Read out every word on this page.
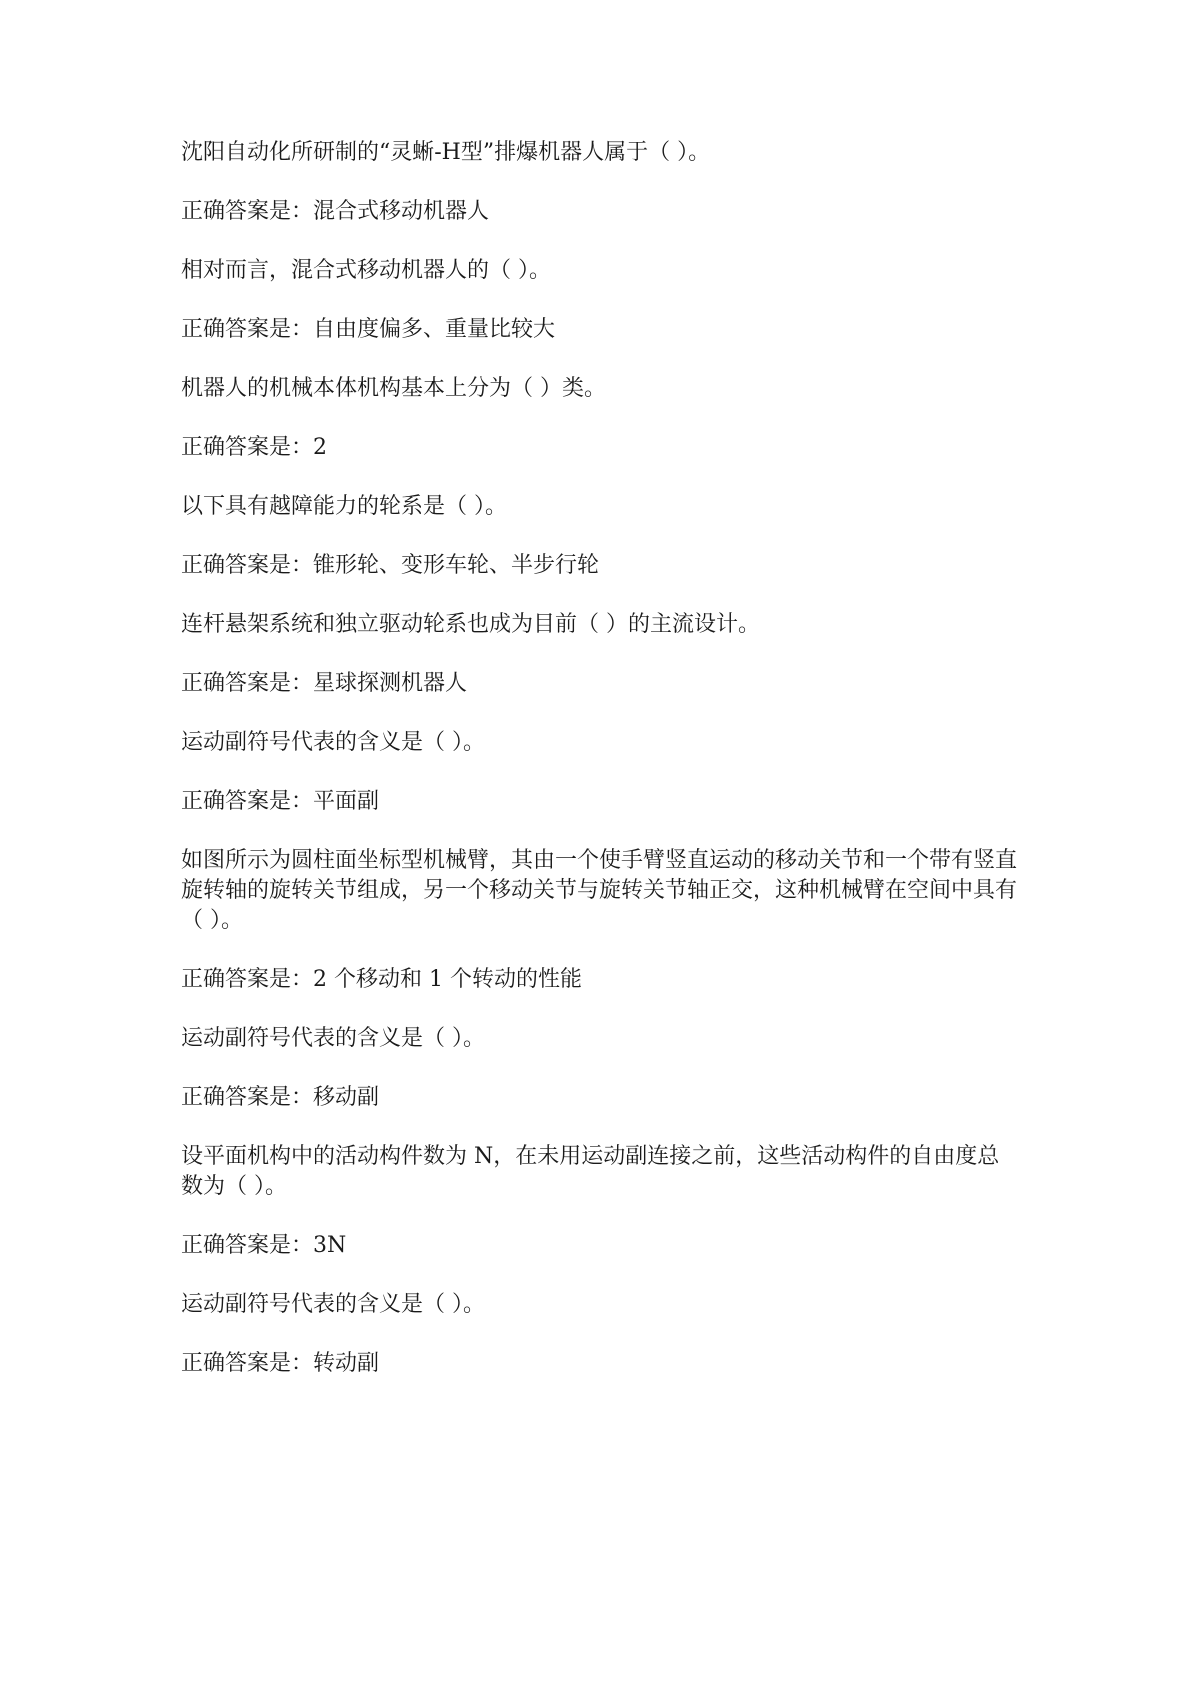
沈阳自动化所研制的“灵蜥-H型”排爆机器人属于（ ）。

正确答案是：混合式移动机器人

相对而言，混合式移动机器人的（ ）。

正确答案是：自由度偏多、重量比较大

机器人的机械本体机构基本上分为（ ）类。

正确答案是：2

以下具有越障能力的轮系是（ ）。

正确答案是：锥形轮、变形车轮、半步行轮

连杆悬架系统和独立驱动轮系也成为目前（ ）的主流设计。

正确答案是：星球探测机器人

运动副符号代表的含义是（ ）。

正确答案是：平面副

如图所示为圆柱面坐标型机械臂，其由一个使手臂竖直运动的移动关节和一个带有竖直旋转轴的旋转关节组成，另一个移动关节与旋转关节轴正交，这种机械臂在空间中具有（ ）。

正确答案是：2 个移动和 1 个转动的性能

运动副符号代表的含义是（ ）。

正确答案是：移动副

设平面机构中的活动构件数为 N，在未用运动副连接之前，这些活动构件的自由度总数为（ ）。

正确答案是：3N

运动副符号代表的含义是（ ）。

正确答案是：转动副
